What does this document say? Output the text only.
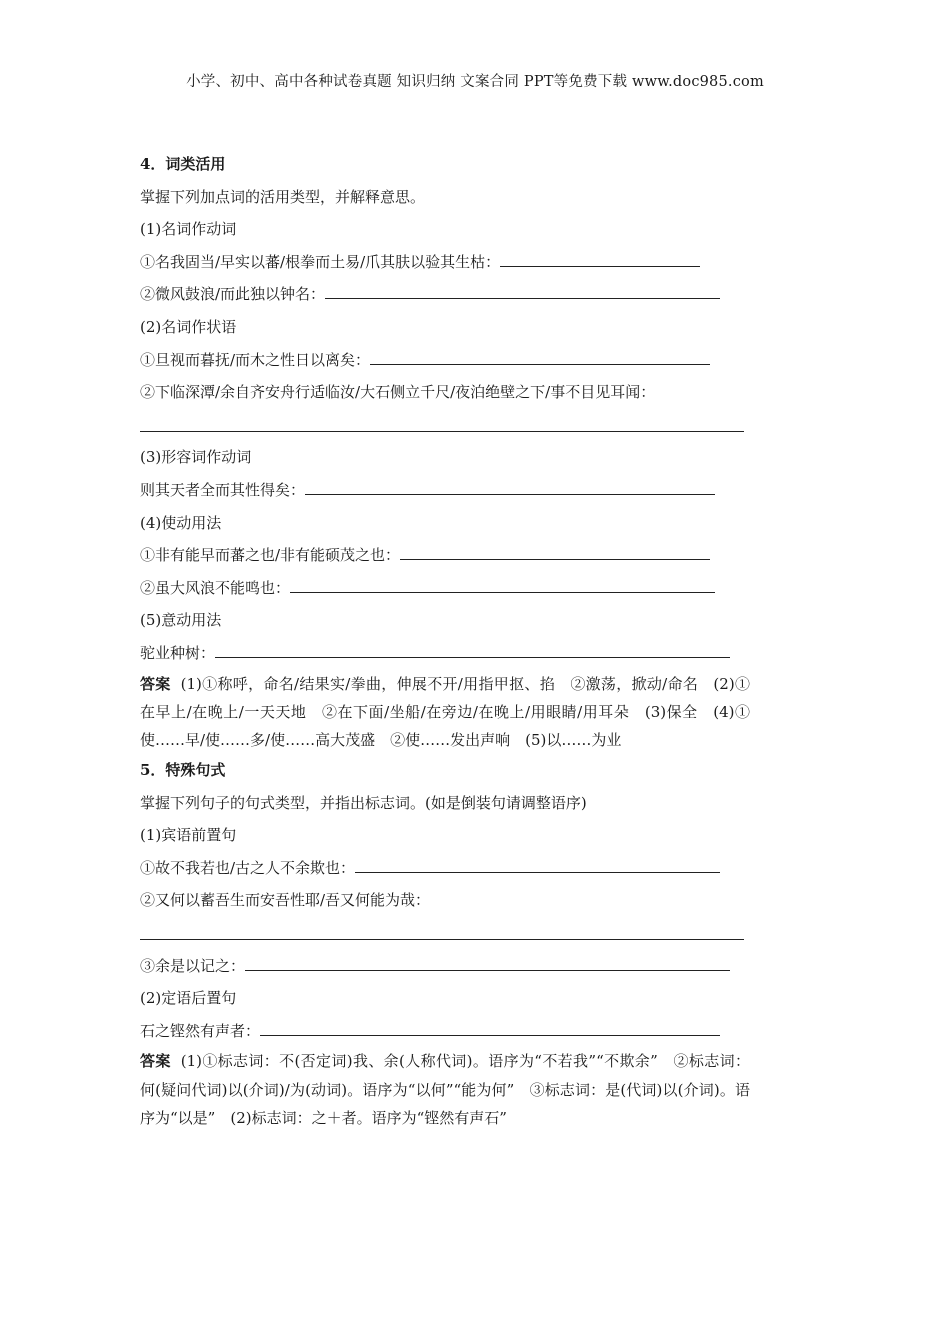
小学、初中、高中各种试卷真题 知识归纳 文案合同 PPT等免费下载 www.doc985.com
4．词类活用
掌握下列加点词的活用类型，并解释意思。
(1)名词作动词
①名我固当/早实以蕃/根拳而土易/爪其肤以验其生枯：
②微风鼓浪/而此独以钟名：
(2)名词作状语
①旦视而暮抚/而木之性日以离矣：
②下临深潭/余自齐安舟行适临汝/大石侧立千尺/夜泊绝壁之下/事不目见耳闻：
(3)形容词作动词
则其天者全而其性得矣：
(4)使动用法
①非有能早而蕃之也/非有能硕茂之也：
②虽大风浪不能鸣也：
(5)意动用法
驼业种树：
答案 (1)①称呼，命名/结果实/拳曲，伸展不开/用指甲抠、掐　②激荡，掀动/命名　(2)①在早上/在晚上/一天天地　②在下面/坐船/在旁边/在晚上/用眼睛/用耳朵　(3)保全　(4)①使……早/使……多/使……高大茂盛　②使……发出声响　(5)以……为业
5．特殊句式
掌握下列句子的句式类型，并指出标志词。(如是倒装句请调整语序)
(1)宾语前置句
①故不我若也/古之人不余欺也：
②又何以蓄吾生而安吾性耶/吾又何能为哉：
③余是以记之：
(2)定语后置句
石之铿然有声者：
答案 (1)①标志词：不(否定词)我、余(人称代词)。语序为“不若我”“不欺余”　②标志词：何(疑问代词)以(介词)/为(动词)。语序为“以何”“能为何”　③标志词：是(代词)以(介词)。语序为“以是”　(2)标志词：之＋者。语序为“铿然有声石”
